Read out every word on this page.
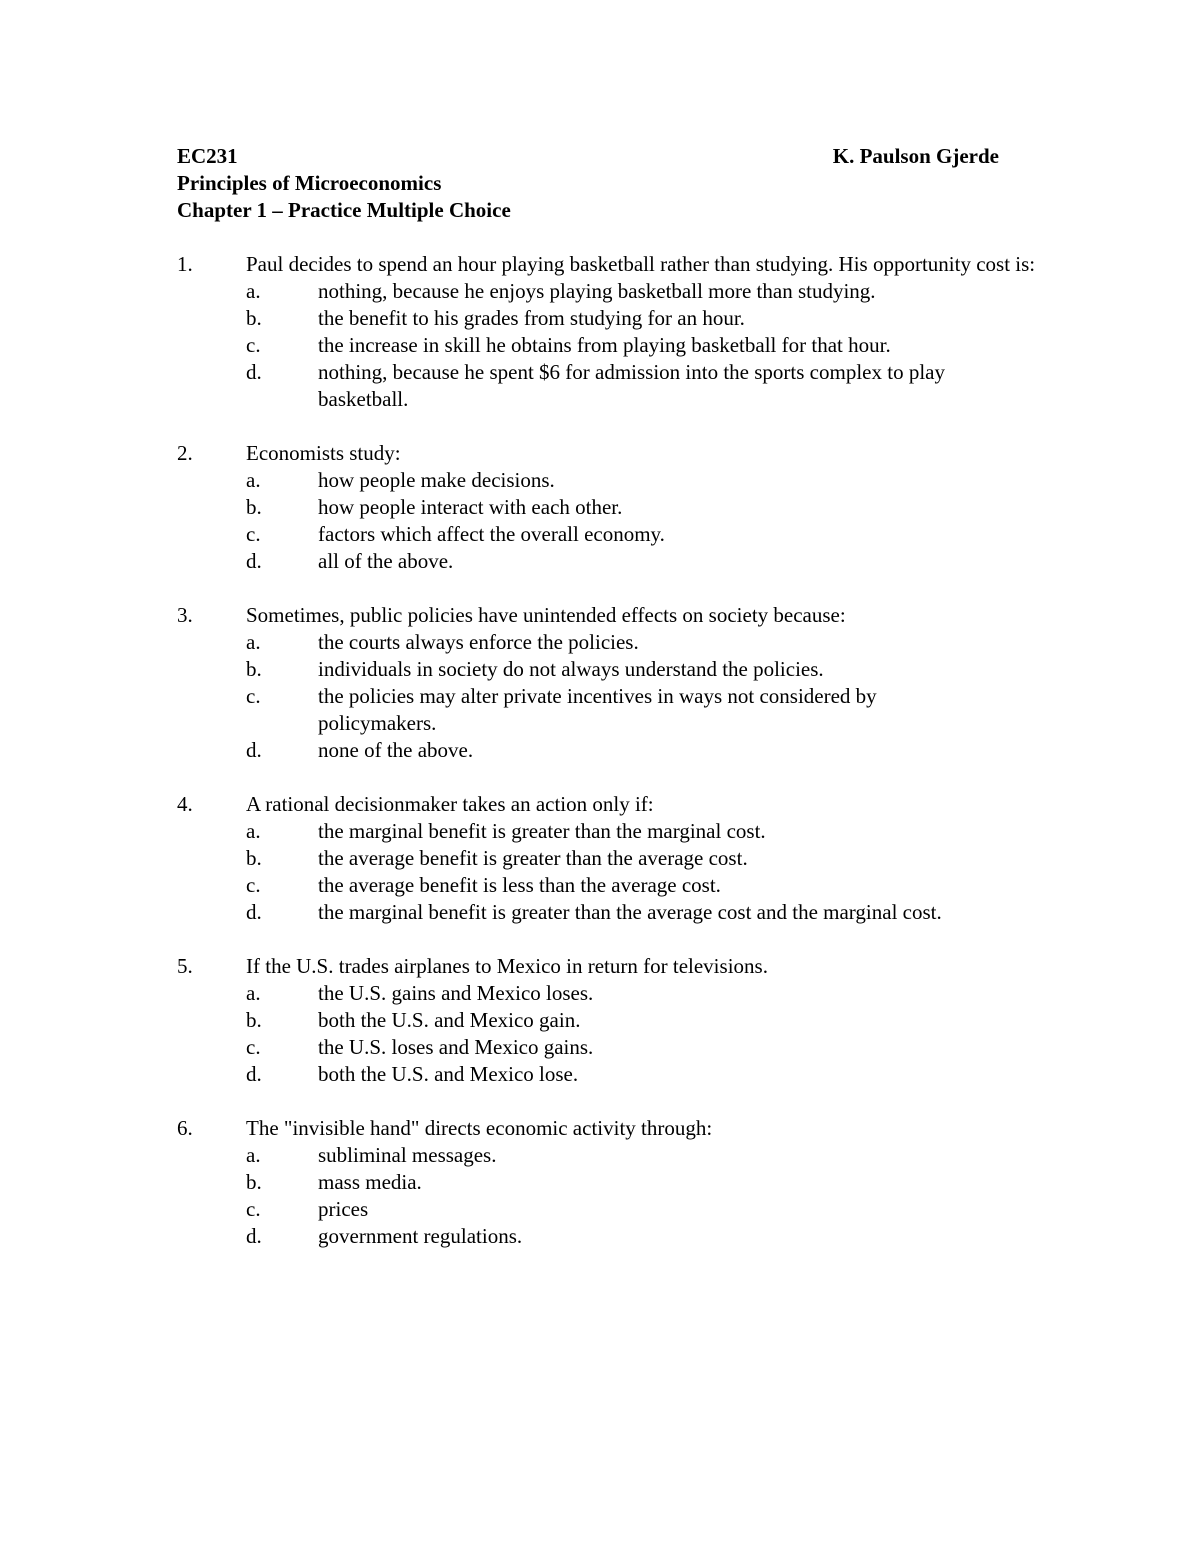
EC231	K. Paulson Gjerde
Principles of Microeconomics
Chapter 1 – Practice Multiple Choice
1.	Paul decides to spend an hour playing basketball rather than studying. His opportunity cost is:
a.	nothing, because he enjoys playing basketball more than studying.
b.	the benefit to his grades from studying for an hour.
c.	the increase in skill he obtains from playing basketball for that hour.
d.	nothing, because he spent $6 for admission into the sports complex to play basketball.
2.	Economists study:
a.	how people make decisions.
b.	how people interact with each other.
c.	factors which affect the overall economy.
d.	all of the above.
3.	Sometimes, public policies have unintended effects on society because:
a.	the courts always enforce the policies.
b.	individuals in society do not always understand the policies.
c.	the policies may alter private incentives in ways not considered by policymakers.
d.	none of the above.
4.	A rational decisionmaker takes an action only if:
a.	the marginal benefit is greater than the marginal cost.
b.	the average benefit is greater than the average cost.
c.	the average benefit is less than the average cost.
d.	the marginal benefit is greater than the average cost and the marginal cost.
5.	If the U.S. trades airplanes to Mexico in return for televisions.
a.	the U.S. gains and Mexico loses.
b.	both the U.S. and Mexico gain.
c.	the U.S. loses and Mexico gains.
d.	both the U.S. and Mexico lose.
6.	The "invisible hand" directs economic activity through:
a.	subliminal messages.
b.	mass media.
c.	prices
d.	government regulations.
